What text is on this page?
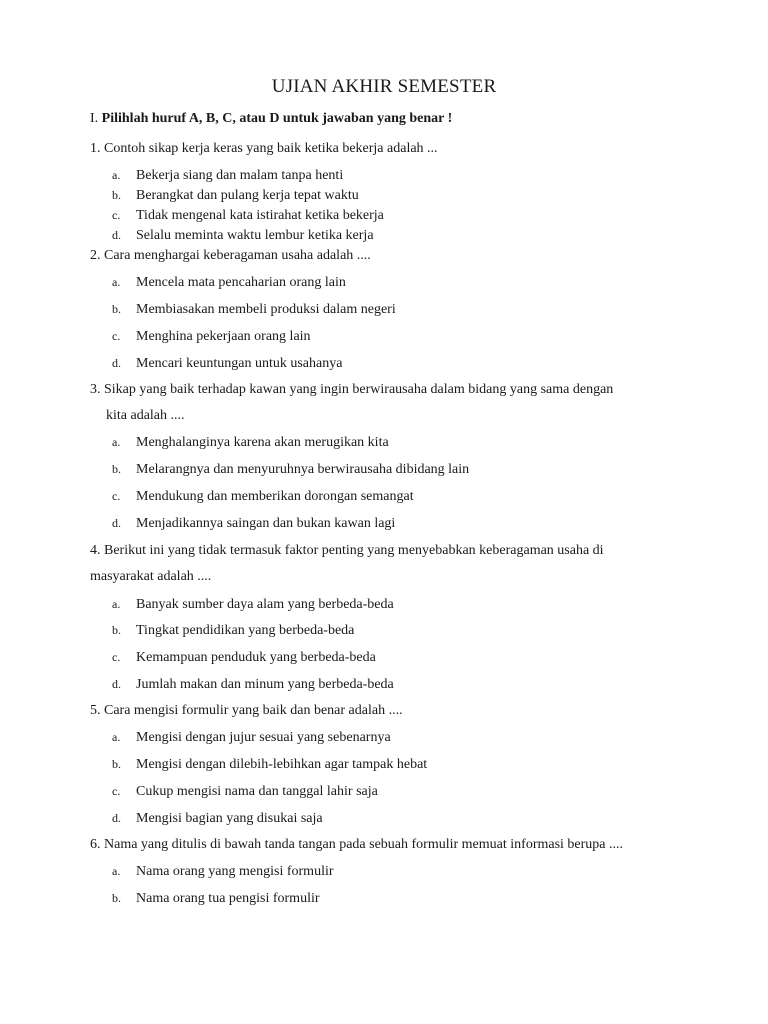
UJIAN AKHIR SEMESTER

I. Pilihlah huruf A, B, C, atau D untuk jawaban yang benar !

1. Contoh sikap kerja keras yang baik ketika bekerja adalah ...

a. Bekerja siang dan malam tanpa henti
b. Berangkat dan pulang kerja tepat waktu
c. Tidak mengenal kata istirahat ketika bekerja
d. Selalu meminta waktu lembur ketika kerja

2. Cara menghargai keberagaman usaha adalah ....

a. Mencela mata pencaharian orang lain
b. Membiasakan membeli produksi dalam negeri
c. Menghina pekerjaan orang lain
d. Mencari keuntungan untuk usahanya

3. Sikap yang baik terhadap kawan yang ingin berwirausaha dalam bidang yang sama dengan

kita adalah ....

a. Menghalanginya karena akan merugikan kita
b. Melarangnya dan menyuruhnya berwirausaha dibidang lain
c. Mendukung dan memberikan dorongan semangat
d. Menjadikannya saingan dan bukan kawan lagi

4. Berikut ini yang tidak termasuk faktor penting yang menyebabkan keberagaman usaha di
masyarakat adalah ....

a. Banyak sumber daya alam yang berbeda-beda
b. Tingkat pendidikan yang berbeda-beda
c. Kemampuan penduduk yang berbeda-beda
d. Jumlah makan dan minum yang berbeda-beda

5. Cara mengisi formulir yang baik dan benar adalah ....

a. Mengisi dengan jujur sesuai yang sebenarnya
b. Mengisi dengan dilebih-lebihkan agar tampak hebat
c. Cukup mengisi nama dan tanggal lahir saja
d. Mengisi bagian yang disukai saja

6. Nama yang ditulis di bawah tanda tangan pada sebuah formulir memuat informasi berupa ....

a. Nama orang yang mengisi formulir
b. Nama orang tua pengisi formulir
